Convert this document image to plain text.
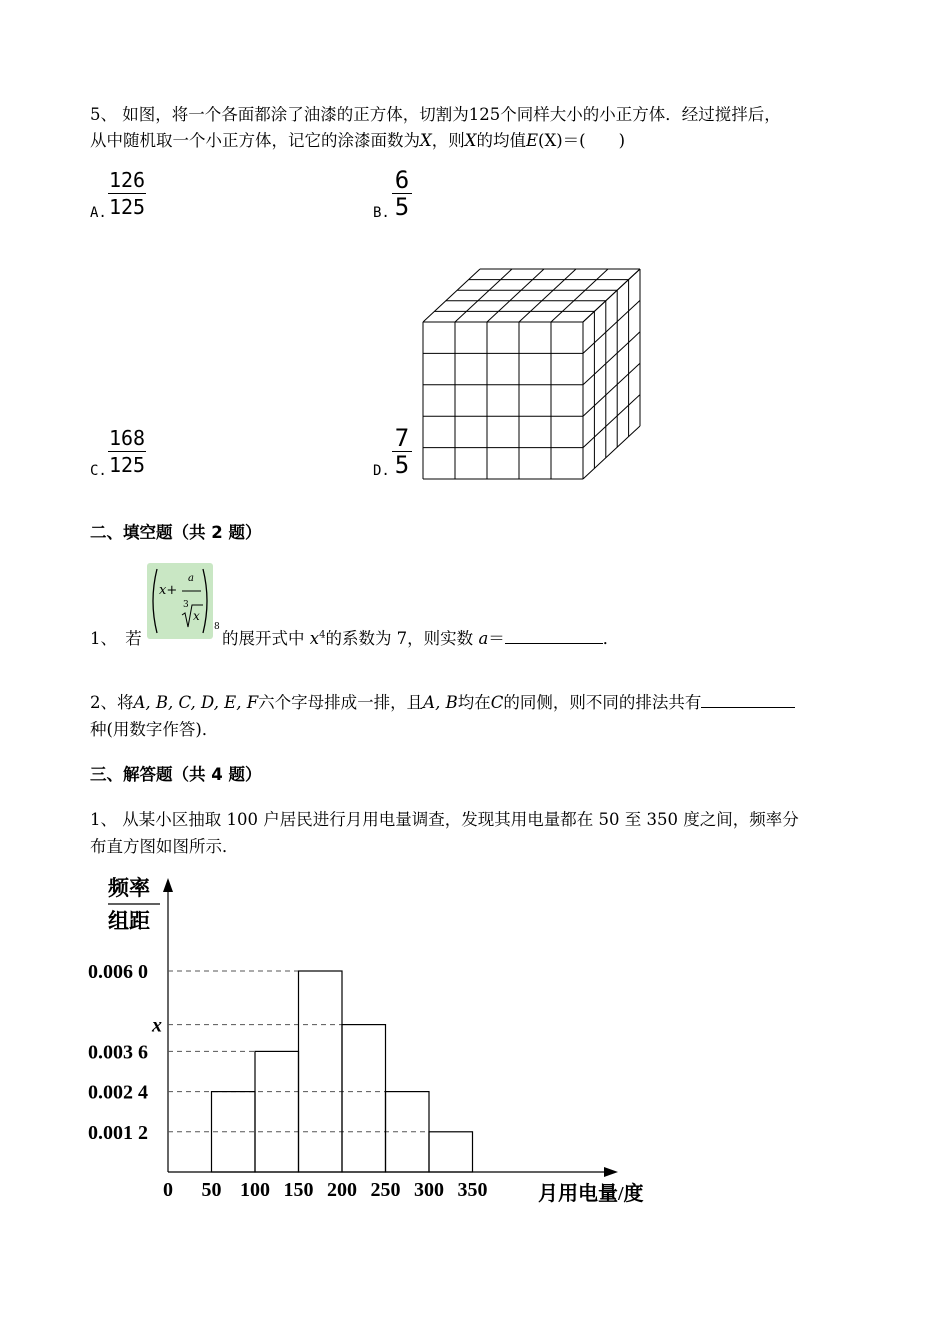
5、 如图，将一个各面都涂了油漆的正方体，切割为125个同样大小的小正方体．经过搅拌后，
从中随机取一个小正方体，记它的涂漆面数为X，则X的均值E(X)＝(　　)
A.
126
125	B.
6
5
C.
168
125	D.
7
5
二、填空题（共 2 题）
1、　若
x+
a
3
x
8
的展开式中 $x^4$的系数为 7，则实数 a＝	．
2、将A, B, C, D, E, F六个字母排成一排，且A, B均在C的同侧，则不同的排法共有
种(用数字作答)．
三、解答题（共 4 题）
1、 从某小区抽取 100 户居民进行月用电量调查，发现其用电量都在 50 至 350 度之间，频率分
布直方图如图所示．
频率
组距
0.006 0
x
0.003 6
0.002 4
0.001 2
0 50 100 150 200 250 300 350	月用电量/度
